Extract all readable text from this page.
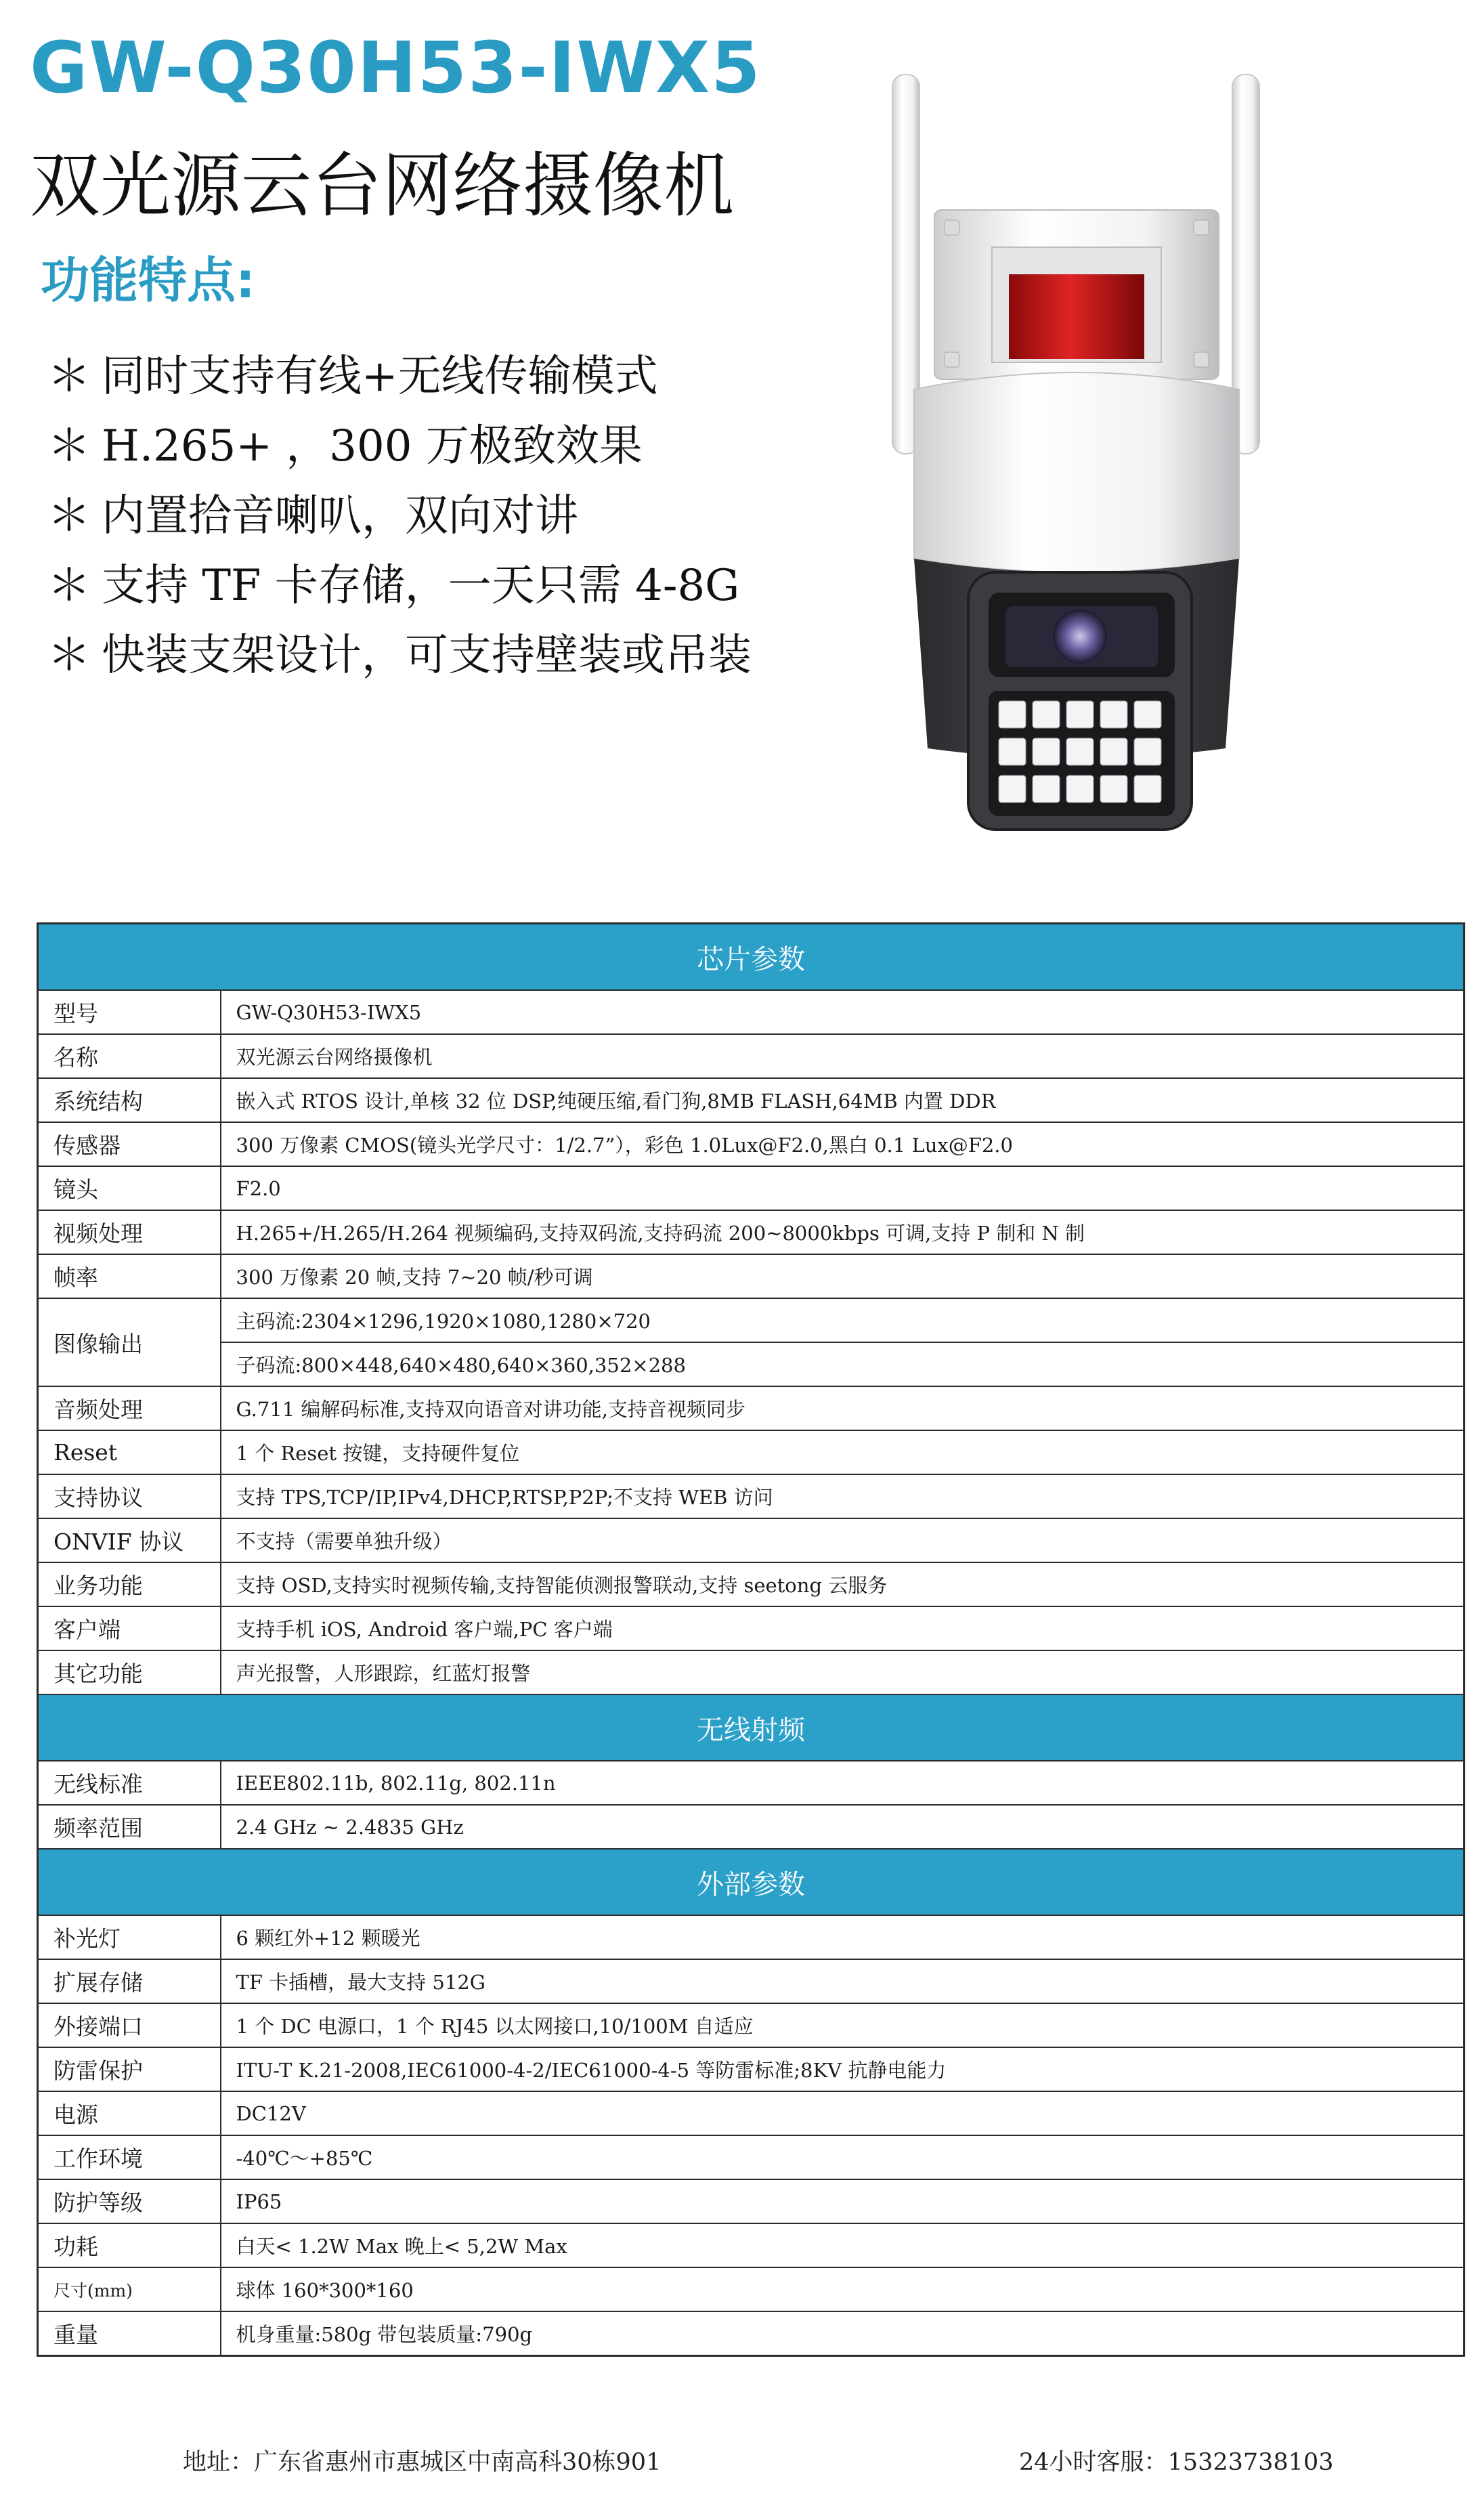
GW-Q30H53-IWX5
双光源云台网络摄像机
功能特点:
＊ 同时支持有线+无线传输模式
＊ H.265+ ，300 万极致效果
＊ 内置拾音喇叭，双向对讲
＊ 支持 TF 卡存储，一天只需 4-8G
＊ 快装支架设计，可支持壁装或吊装
芯片参数	
型号	GW-Q30H53-IWX5
名称	双光源云台网络摄像机
系统结构	嵌入式 RTOS 设计,单核 32 位 DSP,纯硬压缩,看门狗,8MB FLASH,64MB 内置 DDR
传感器	300 万像素 CMOS(镜头光学尺寸：1/2.7”），彩色 1.0Lux@F2.0,黑白 0.1 Lux@F2.0
镜头	F2.0
视频处理	H.265+/H.265/H.264 视频编码,支持双码流,支持码流 200~8000kbps 可调,支持 P 制和 N 制
帧率	300 万像素 20 帧,支持 7~20 帧/秒可调
图像输出	主码流:2304×1296,1920×1080,1280×720
	子码流:800×448,640×480,640×360,352×288
音频处理	G.711 编解码标准,支持双向语音对讲功能,支持音视频同步
Reset	1 个 Reset 按键，支持硬件复位
支持协议	支持 TPS,TCP/IP,IPv4,DHCP,RTSP,P2P;不支持 WEB 访问
ONVIF 协议	不支持（需要单独升级）
业务功能	支持 OSD,支持实时视频传输,支持智能侦测报警联动,支持 seetong 云服务
客户端	支持手机 iOS, Android 客户端,PC 客户端
其它功能	声光报警，人形跟踪，红蓝灯报警
无线射频	
无线标准	IEEE802.11b, 802.11g, 802.11n
频率范围	2.4 GHz ~ 2.4835 GHz
外部参数	
补光灯	6 颗红外+12 颗暖光
扩展存储	TF 卡插槽，最大支持 512G
外接端口	1 个 DC 电源口，1 个 RJ45 以太网接口,10/100M 自适应
防雷保护	ITU-T K.21-2008,IEC61000-4-2/IEC61000-4-5 等防雷标准;8KV 抗静电能力
电源	DC12V
工作环境	-40℃～+85℃
防护等级	IP65
功耗	白天< 1.2W Max 晚上< 5,2W Max
尺寸(mm)	球体 160*300*160
重量	机身重量:580g 带包装质量:790g
地址：广东省惠州市惠城区中南高科30栋901	24小时客服：15323738103
